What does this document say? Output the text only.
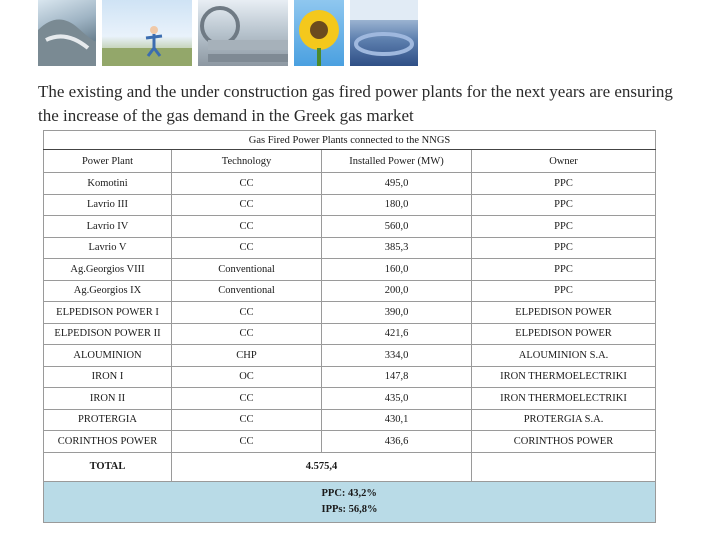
The existing and the under construction gas fired power plants for the next years are ensuring the increase of the gas demand in the Greek gas market
Gas Fired Power Plants connected to the NNGS			
Power Plant	Technology	Installed Power (MW)	Owner
Komotini	CC	495,0	PPC
Lavrio III	CC	180,0	PPC
Lavrio IV	CC	560,0	PPC
Lavrio V	CC	385,3	PPC
Ag.Georgios VIII	Conventional	160,0	PPC
Ag.Georgios IX	Conventional	200,0	PPC
ELPEDISON POWER I	CC	390,0	ELPEDISON POWER
ELPEDISON POWER II	CC	421,6	ELPEDISON POWER
ALOUMINION	CHP	334,0	ALOUMINION S.A.
IRON I	OC	147,8	IRON THERMOELECTRIKI
IRON II	CC	435,0	IRON THERMOELECTRIKI
PROTERGIA	CC	430,1	PROTERGIA S.A.
CORINTHOS POWER	CC	436,6	CORINTHOS POWER
TOTAL	4.575,4		
PPC: 43,2%
IPPs: 56,8%			
